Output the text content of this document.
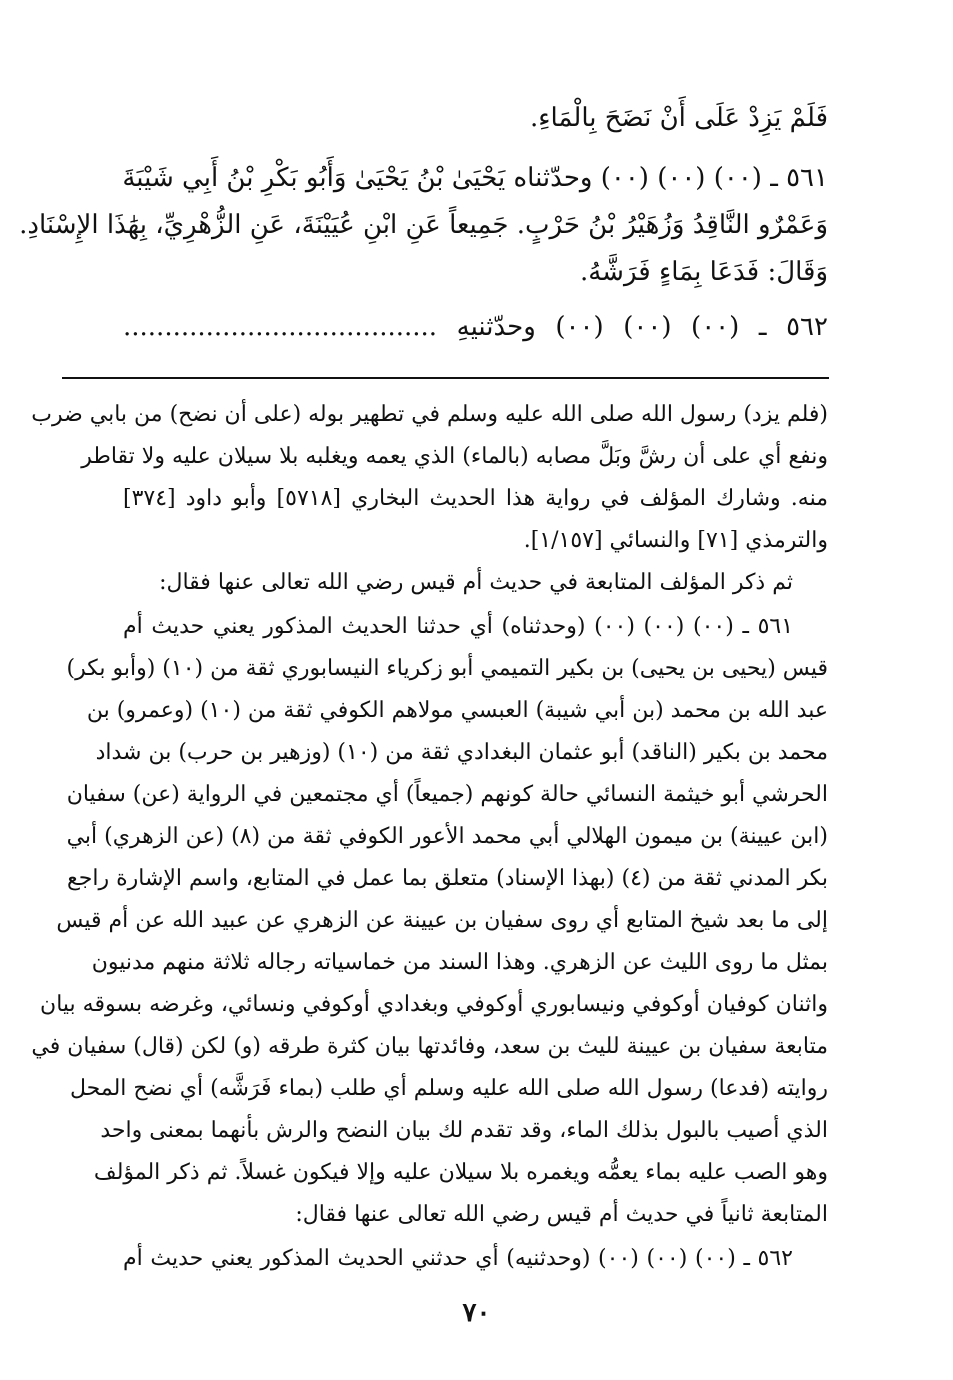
فَلَمْ يَزِدْ عَلَى أَنْ نَضَحَ بِالْمَاءِ.
٥٦١ ـ (٠٠) (٠٠) (٠٠) وحدّثناه يَحْيَىٰ بْنُ يَحْيَىٰ وَأَبُو بَكْرِ بْنُ أَبِي شَيْبَةَ
وَعَمْرٌو النَّاقِدُ وَزُهَيْرُ بْنُ حَرْبٍ. جَمِيعاً عَنِ ابْنِ عُيَيْنَةَ، عَنِ الزُّهْرِيِّ، بِهَٰذَا الإِسْنَادِ.
وَقَالَ: فَدَعَا بِمَاءٍ فَرَشَّهُ.
٥٦٢ ـ (٠٠) (٠٠) (٠٠) وحدّثنيهِ ......................................
(فلم يزد) رسول الله صلى الله عليه وسلم في تطهير بوله (على أن نضح) من بابي ضرب
ونفع أي على أن رشَّ وبَلَّ مصابه (بالماء) الذي يعمه ويغلبه بلا سيلان عليه ولا تقاطر
منه. وشارك المؤلف في رواية هذا الحديث البخاري [٥٧١٨] وأبو داود [٣٧٤]
والترمذي [٧١] والنسائي [١/١٥٧].
ثم ذكر المؤلف المتابعة في حديث أم قيس رضي الله تعالى عنها فقال:
٥٦١ ـ (٠٠) (٠٠) (٠٠) (وحدثناه) أي حدثنا الحديث المذكور يعني حديث أم
قيس (يحيى بن يحيى) بن بكير التميمي أبو زكرياء النيسابوري ثقة من (١٠) (وأبو بكر)
عبد الله بن محمد (بن أبي شيبة) العبسي مولاهم الكوفي ثقة من (١٠) (وعمرو) بن
محمد بن بكير (الناقد) أبو عثمان البغدادي ثقة من (١٠) (وزهير بن حرب) بن شداد
الحرشي أبو خيثمة النسائي حالة كونهم (جميعاً) أي مجتمعين في الرواية (عن) سفيان
(ابن عيينة) بن ميمون الهلالي أبي محمد الأعور الكوفي ثقة من (٨) (عن الزهري) أبي
بكر المدني ثقة من (٤) (بهذا الإسناد) متعلق بما عمل في المتابع، واسم الإشارة راجع
إلى ما بعد شيخ المتابع أي روى سفيان بن عيينة عن الزهري عن عبيد الله عن أم قيس
بمثل ما روى الليث عن الزهري. وهذا السند من خماسياته رجاله ثلاثة منهم مدنيون
واثنان كوفيان أوكوفي ونيسابوري أوكوفي وبغدادي أوكوفي ونسائي، وغرضه بسوقه بيان
متابعة سفيان بن عيينة لليث بن سعد، وفائدتها بيان كثرة طرقه (و) لكن (قال) سفيان في
روايته (فدعا) رسول الله صلى الله عليه وسلم أي طلب (بماء فَرَشَّه) أي نضح المحل
الذي أصيب بالبول بذلك الماء، وقد تقدم لك بيان النضح والرش بأنهما بمعنى واحد
وهو الصب عليه بماء يعمُّه ويغمره بلا سيلان عليه وإلا فيكون غسلاً. ثم ذكر المؤلف
المتابعة ثانياً في حديث أم قيس رضي الله تعالى عنها فقال:
٥٦٢ ـ (٠٠) (٠٠) (٠٠) (وحدثنيه) أي حدثني الحديث المذكور يعني حديث أم
٧٠
